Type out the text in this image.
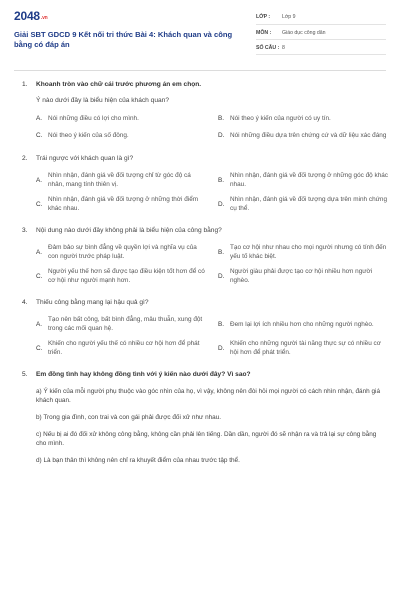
2048.vn
Giải SBT GDCD 9 Kết nối tri thức Bài 4: Khách quan và công bằng có đáp án
LỚP : Lớp 9
MÔN : Giáo dục công dân
SỐ CÂU : 8
1.	Khoanh tròn vào chữ cái trước phương án em chọn.
Ý nào dưới đây là biểu hiện của khách quan?
A. Nói những điều có lợi cho mình.	B. Nói theo ý kiến của người có uy tín.
C. Nói theo ý kiến của số đông.	D. Nói những điều dựa trên chứng cứ và dữ liệu xác đáng
2.	Trái ngược với khách quan là gì?
A.
Nhìn nhận, đánh giá về đối tượng chỉ từ góc độ cá nhân, mang tính thiên vị.
B.
Nhìn nhận, đánh giá về đối tượng ở những góc độ khác nhau.
C.
Nhìn nhận, đánh giá về đối tượng ở những thời điểm khác nhau.
D.
Nhìn nhận, đánh giá về đối tượng dựa trên minh chứng cụ thể.
3.	Nội dung nào dưới đây không phải là biểu hiện của công bằng?
A.
Đảm bảo sự bình đẳng về quyền lợi và nghĩa vụ của con người trước pháp luật.
B.
Tạo cơ hội như nhau cho mọi người nhưng có tính đến yếu tố khác biệt.
C.
Người yếu thế hơn sẽ được tạo điều kiện tốt hơn để có cơ hội như người mạnh hơn.
D.
Người giàu phải được tạo cơ hội nhiều hơn người nghèo.
4.	Thiếu công bằng mang lại hậu quả gì?
A.
Tạo nên bất công, bất bình đẳng, mâu thuẫn, xung đột trong các mối quan hệ.
B. Đem lại lợi ích nhiều hơn cho những người nghèo.
C.
Khiến cho người yếu thế có nhiều cơ hội hơn để phát triển.
D.
Khiến cho những người tài năng thực sự có nhiều cơ hội hơn để phát triển.
5.	Em đồng tình hay không đồng tình với ý kiến nào dưới đây? Vì sao?
a) Ý kiến của mỗi người phụ thuộc vào góc nhìn của họ, vì vậy, không nên đòi hỏi mọi người có cách nhìn nhận, đánh giá khách quan.
b) Trong gia đình, con trai và con gái phải được đối xử như nhau.
c) Nếu bị ai đó đối xử không công bằng, không cần phải lên tiếng. Dần dần, người đó sẽ nhận ra và trả lại sự công bằng cho mình.
d) Là bạn thân thì không nên chỉ ra khuyết điểm của nhau trước tập thể.
